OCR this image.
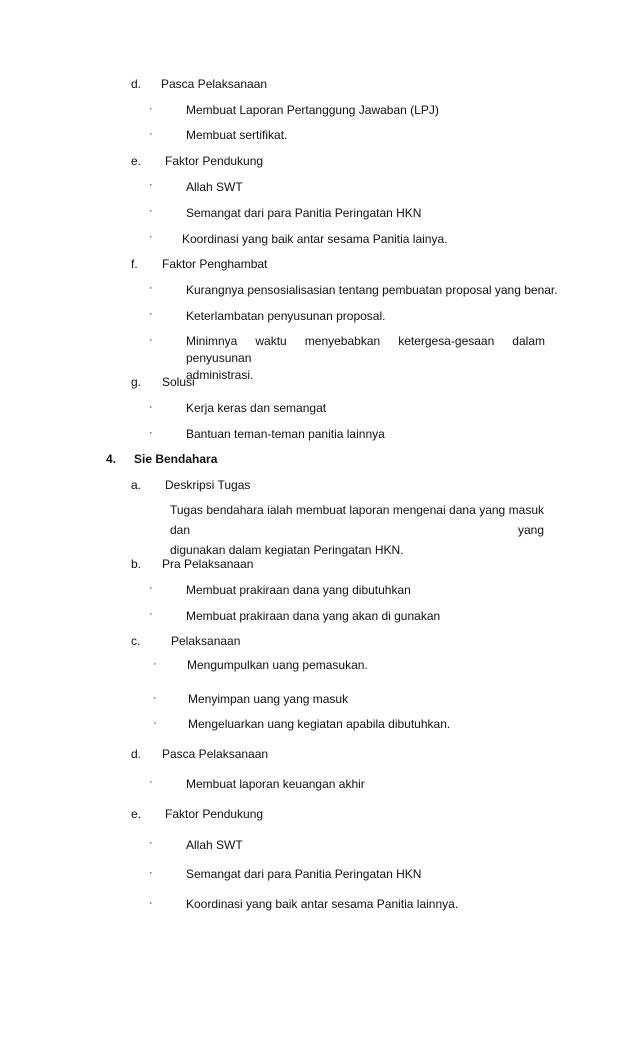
d. Pasca Pelaksanaan
·	Membuat Laporan Pertanggung Jawaban (LPJ)
·	Membuat sertifikat.
e. Faktor Pendukung
·	Allah SWT
·	Semangat dari para Panitia Peringatan HKN
· Koordinasi yang baik antar sesama Panitia lainya.
f. Faktor Penghambat
·	Kurangnya pensosialisasian tentang pembuatan proposal yang benar.
·	Keterlambatan penyusunan proposal.
·	Minimnya waktu menyebabkan ketergesa-gesaan dalam penyusunan
administrasi.
g. Solusi
·	Kerja keras dan semangat
·	Bantuan teman-teman panitia lainnya
4. Sie Bendahara
a. Deskripsi Tugas
Tugas bendahara ialah membuat laporan mengenai dana yang masuk dan yang
digunakan dalam kegiatan Peringatan HKN.
b. Pra Pelaksanaan
·	Membuat prakiraan dana yang dibutuhkan
·	Membuat prakiraan dana yang akan di gunakan
c.	Pelaksanaan
·	Mengumpulkan uang pemasukan.
·	Menyimpan uang yang masuk
·	Mengeluarkan uang kegiatan apabila dibutuhkan.
d. Pasca Pelaksanaan
·	Membuat laporan keuangan akhir
e. Faktor Pendukung
·	Allah SWT
·	Semangat dari para Panitia Peringatan HKN
·	Koordinasi yang baik antar sesama Panitia lainnya.
